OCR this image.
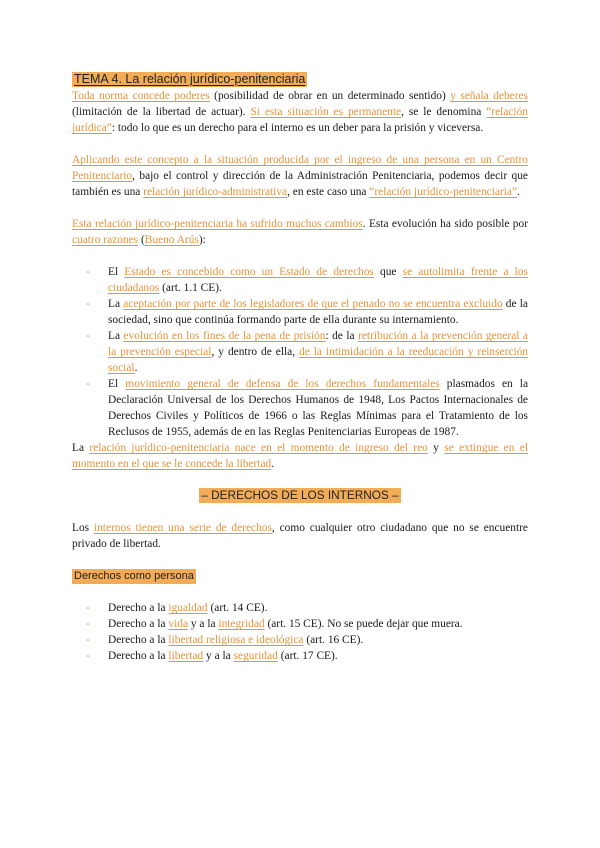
TEMA 4. La relación jurídico-penitenciaria

Toda norma concede poderes (posibilidad de obrar en un determinado sentido) y señala deberes (limitación de la libertad de actuar). Si esta situación es permanente, se le denomina “relación jurídica”: todo lo que es un derecho para el interno es un deber para la prisión y viceversa.

Aplicando este concepto a la situación producida por el ingreso de una persona en un Centro Penitenciario, bajo el control y dirección de la Administración Penitenciaria, podemos decir que también es una relación jurídico-administrativa, en este caso una “relación jurídico-penitenciaria”.

Esta relación jurídico-penitenciaria ha sufrido muchos cambios. Esta evolución ha sido posible por cuatro razones (Bueno Arús):

- El Estado es concebido como un Estado de derechos que se autolimita frente a los ciudadanos (art. 1.1 CE).
- La aceptación por parte de los legisladores de que el penado no se encuentra excluido de la sociedad, sino que continúa formando parte de ella durante su internamiento.
- La evolución en los fines de la pena de prisión: de la retribución a la prevención general a la prevención especial, y dentro de ella, de la intimidación a la reeducación y reinserción social.
- El movimiento general de defensa de los derechos fundamentales plasmados en la Declaración Universal de los Derechos Humanos de 1948, Los Pactos Internacionales de Derechos Civiles y Políticos de 1966 o las Reglas Mínimas para el Tratamiento de los Reclusos de 1955, además de en las Reglas Penitenciarias Europeas de 1987.

La relación jurídico-penitenciaria nace en el momento de ingreso del reo y se extingue en el momento en el que se le concede la libertad.

– DERECHOS DE LOS INTERNOS –

Los internos tienen una serie de derechos, como cualquier otro ciudadano que no se encuentre privado de libertad.

Derechos como persona
- Derecho a la igualdad (art. 14 CE).
- Derecho a la vida y a la integridad (art. 15 CE). No se puede dejar que muera.
- Derecho a la libertad religiosa e ideológica (art. 16 CE).
- Derecho a la libertad y a la seguridad (art. 17 CE).
